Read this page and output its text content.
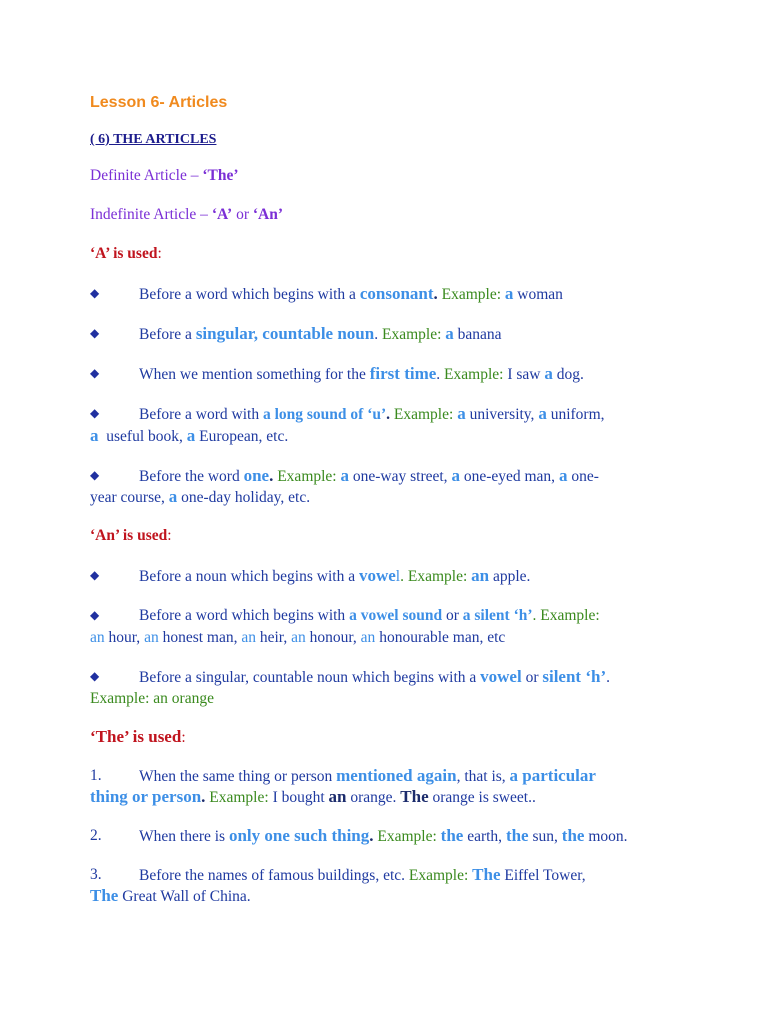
Lesson 6- Articles
( 6) THE ARTICLES
Definite Article – ‘The’
Indefinite Article – ‘A’ or ‘An’
‘A’ is used:
◆	Before a word which begins with a consonant. Example: a woman
◆	Before a singular, countable noun. Example: a banana
◆	When we mention something for the first time. Example: I saw a dog.
◆	Before a word with a long sound of ‘u’. Example: a university, a uniform,
a  useful book, a European, etc.
◆	Before the word one. Example: a one-way street, a one-eyed man, a one-
year course, a one-day holiday, etc.
‘An’ is used:
◆	Before a noun which begins with a vowel. Example: an apple.
◆	Before a word which begins with a vowel sound or a silent ‘h’. Example:
an hour, an honest man, an heir, an honour, an honourable man, etc
◆	Before a singular, countable noun which begins with a vowel or silent ‘h’.
Example: an orange
‘The’ is used:
1. When the same thing or person mentioned again, that is, a particular
thing or person. Example: I bought an orange. The orange is sweet..
2. When there is only one such thing. Example: the earth, the sun, the moon.
3. Before the names of famous buildings, etc. Example: The Eiffel Tower,
The Great Wall of China.
